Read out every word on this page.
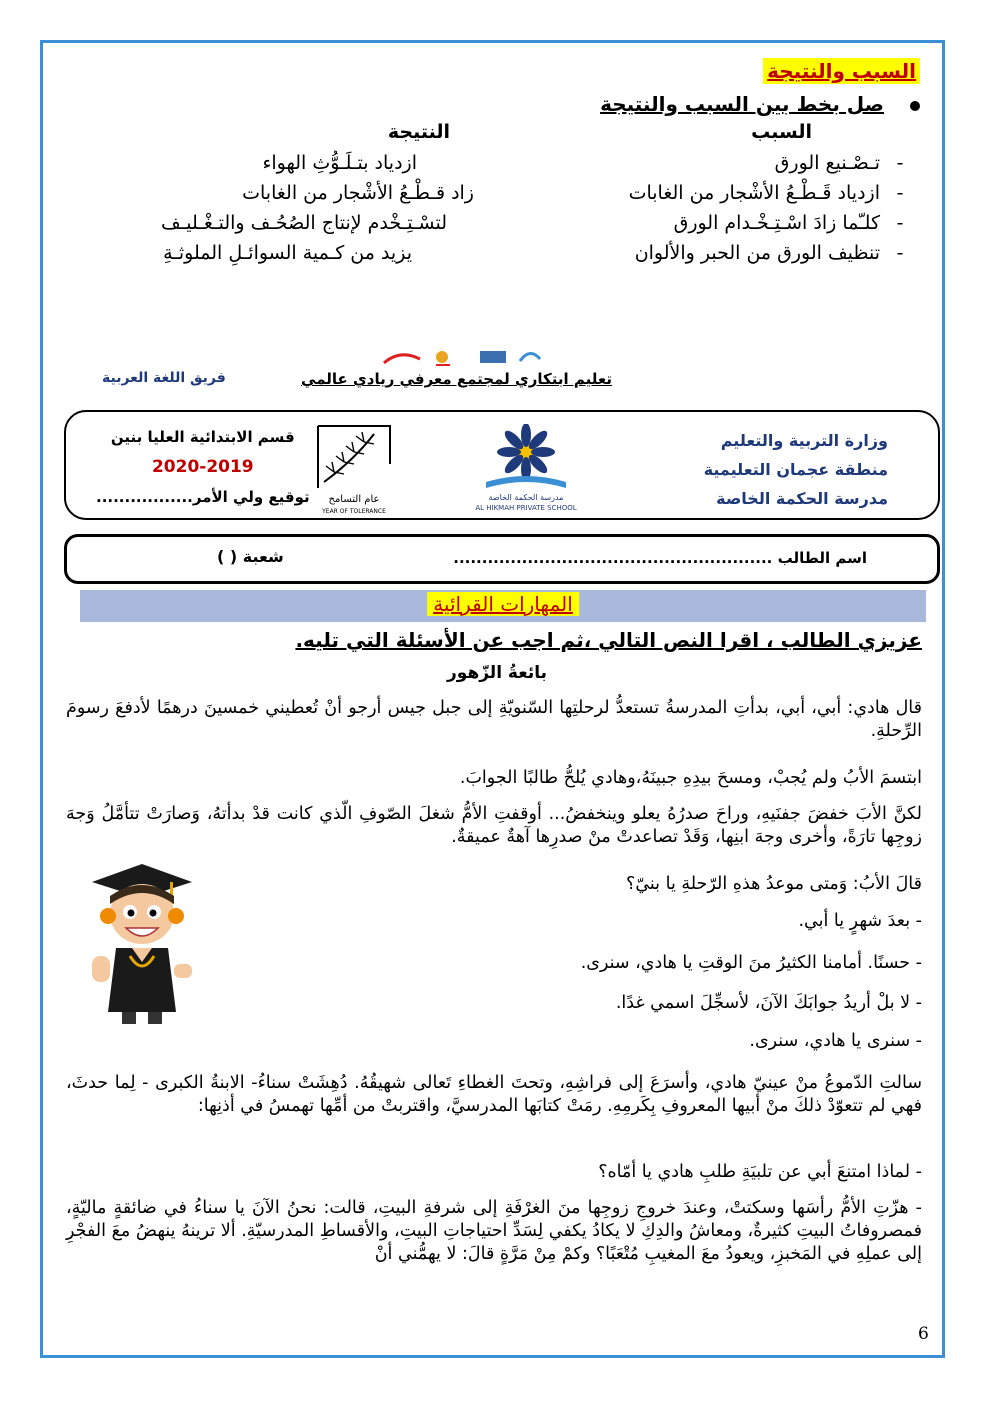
السبب والنتيجة
صل بخط بين السبب والنتيجة
السبب
النتيجة
-
تـصْـنيع الورق
-
ازدياد قَـطْـعُ الأشْجار من الغابات
-
كلـّما زادَ اسْـتِـخْـدام الورق
-
تنظيف الورق من الحبر والألوان
ازدياد بتـلَـوُّثِ الهواء
زاد قـطْـعُ الأشْجار من الغابات
لتسْـتِـخْدم لإنتاج الصُحُـف والتـغْـليـف
يزيد من كـمية السوائـلِ الملوثـةِ
تعليم ابتكاري لمجتمع معرفي ريادي عالمي
فريق اللغة العربية
وزارة التربية والتعليم
منطقة عجمان التعليمية
مدرسة الحكمة الخاصة
مدرسة الحكمة الخاصة
AL HIKMAH PRIVATE SCHOOL
عام التسامح
YEAR OF TOLERANCE
قسم الابتدائية العليا بنين
2020-2019
توقيع ولي الأمر.................
اسم الطالب ........................................................
شعبة ( )
المهارات القرائية
عزيزي الطالب ، اقرا النص التالي ،ثم اجب عن الأسئلة التي تليه.
بائعةُ الزّهور

قال هادي: أبي، أبي، بدأتِ المدرسةُ تستعدُّ لرحلتِها السّنويّةِ إلى جبل جيس أرجو أنْ تُعطيني خمسينَ درهمًا لأدفعَ رسومَ الرِّحلةِ.

ابتسمَ الأبُ ولم يُجبْ، ومسحَ بيدِهِ جبينَهُ،وهادي يُلحُّ طالبًا الجوابَ.

لكنَّ الأبَ خفضَ جفنَيهِ، وراحَ صدرُهُ يعلو وينخفضُ... أوقفتِ الأمُّ شغلَ الصّوفِ الّذي كانت قدْ بدأتهُ، وَصارَتْ تتأمَّلُ وَجهَ زوجِها تارَةً، وأخرى وجهَ ابنِها، وَقَدْ تصاعدتْ منْ صدرِها آهةٌ عميقةٌ.

قالَ الأبُ: وَمتى موعدُ هذهِ الرّحلةِ يا بنيّ؟

- بعدَ شهرٍ يا أبي.

- حسنًا. أمامنا الكثيرُ منَ الوقتِ يا هادي، سنرى.

- لا بلْ أريدُ جوابَكَ الآنَ، لأسجِّلَ اسمي غدًا.

- سنرى يا هادي، سنرى.

سالتِ الدّموعُ منْ عينيّ هادي، وأسرَعَ إلى فراشِهِ، وتحتَ الغطاءِ تَعالى شهيقُهُ. دُهِشَتْ سناءُ- الابنةُ الكبرى - لِما حدثَ، فهي لم تتعوّدْ ذلكَ منْ أبيها المعروفِ بِكَرمِهِ. رمَتْ كتابَها المدرسيَّ، واقتربتْ من أمِّها تهمسُ في أذنِها:

- لماذا امتنعَ أبي عن تلبيَةِ طلبِ هادي يا أمّاه؟

- هزّتِ الأمُّ رأسَها وسكتتْ، وعندَ خروجِ زوجِها منَ الغرْفَةِ إلى شرفةِ البيتِ، قالت: نحنُ الآنَ يا سناءُ في ضائقةٍ ماليّةٍ، فمصروفاتُ البيتِ كثيرةٌ، ومعاشُ والدِكِ لا يكادُ يكفي لِسَدِّ احتياجاتِ البيتِ، والأقساطِ المدرسيّةِ. ألا ترينهُ ينهضُ معَ الفجْرِ إلى عملِهِ في المَخبزِ، ويعودُ معَ المغيبِ مُتْعَبًا؟ وكمْ مِنْ مَرَّةٍ قالَ: لا يهمُّني أنْ

6
